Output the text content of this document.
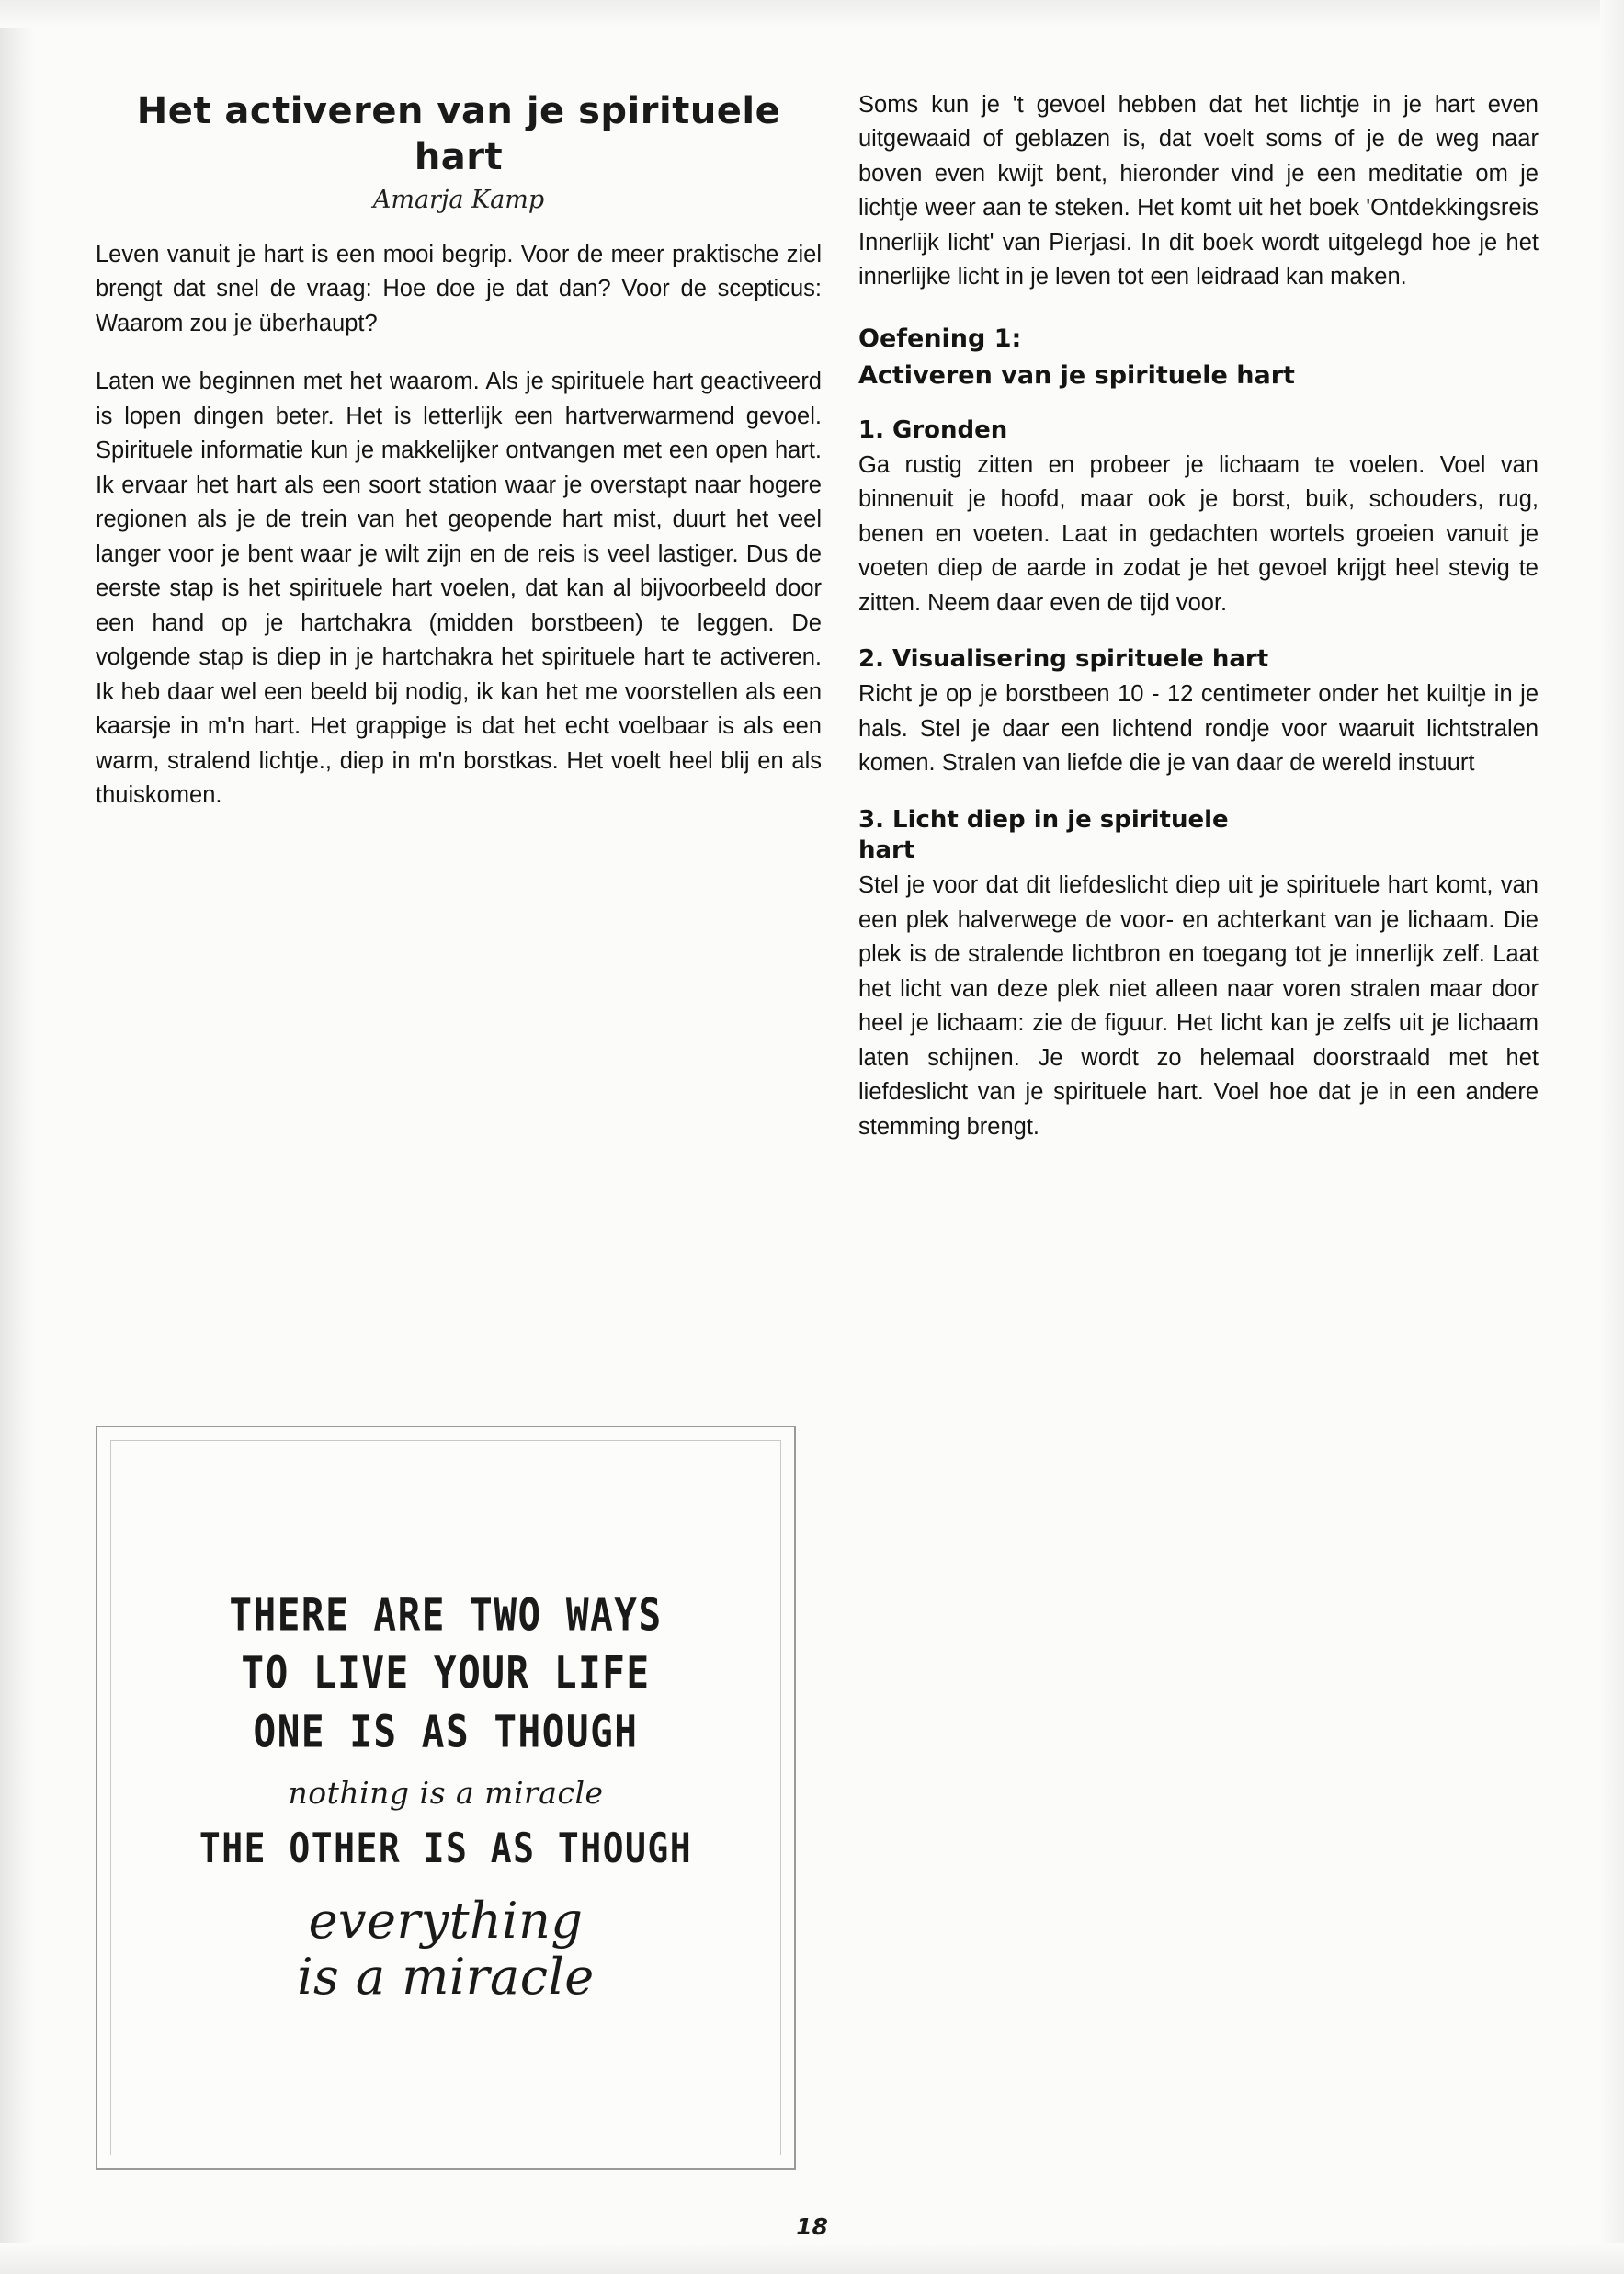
Het activeren van je spirituele hart
Amarja Kamp

Leven vanuit je hart is een mooi begrip. Voor de meer praktische ziel brengt dat snel de vraag: Hoe doe je dat dan? Voor de scepticus: Waarom zou je überhaupt?

Laten we beginnen met het waarom. Als je spirituele hart geactiveerd is lopen dingen beter. Het is letterlijk een hartverwarmend gevoel. Spirituele informatie kun je makkelijker ontvangen met een open hart. Ik ervaar het hart als een soort station waar je overstapt naar hogere regionen als je de trein van het geopende hart mist, duurt het veel langer voor je bent waar je wilt zijn en de reis is veel lastiger. Dus de eerste stap is het spirituele hart voelen, dat kan al bijvoorbeeld door een hand op je hartchakra (midden borstbeen) te leggen. De volgende stap is diep in je hartchakra het spirituele hart te activeren. Ik heb daar wel een beeld bij nodig, ik kan het me voorstellen als een kaarsje in m'n hart. Het grappige is dat het echt voelbaar is als een warm, stralend lichtje., diep in m'n borstkas. Het voelt heel blij en als thuiskomen.

THERE ARE TWO WAYS
TO LIVE YOUR LIFE
ONE IS AS THOUGH
nothing is a miracle
THE OTHER IS AS THOUGH
everything
is a miracle

Soms kun je 't gevoel hebben dat het lichtje in je hart even uitgewaaid of geblazen is, dat voelt soms of je de weg naar boven even kwijt bent, hieronder vind je een meditatie om je lichtje weer aan te steken. Het komt uit het boek 'Ontdekkingsreis Innerlijk licht' van Pierjasi. In dit boek wordt uitgelegd hoe je het innerlijke licht in je leven tot een leidraad kan maken.

Oefening 1:
Activeren van je spirituele hart
1. Gronden

Ga rustig zitten en probeer je lichaam te voelen. Voel van binnenuit je hoofd, maar ook je borst, buik, schouders, rug, benen en voeten. Laat in gedachten wortels groeien vanuit je voeten diep de aarde in zodat je het gevoel krijgt heel stevig te zitten. Neem daar even de tijd voor.

2. Visualisering spirituele hart

Richt je op je borstbeen 10 - 12 centimeter onder het kuiltje in je hals. Stel je daar een lichtend rondje voor waaruit lichtstralen komen. Stralen van liefde die je van daar de wereld instuurt

3. Licht diep in je spirituele hart

Stel je voor dat dit liefdeslicht diep uit je spirituele hart komt, van een plek halverwege de voor- en achterkant van je lichaam. Die plek is de stralende lichtbron en toegang tot je innerlijk zelf. Laat het licht van deze plek niet alleen naar voren stralen maar door heel je lichaam: zie de figuur. Het licht kan je zelfs uit je lichaam laten schijnen. Je wordt zo helemaal doorstraald met het liefdeslicht van je spirituele hart. Voel hoe dat je in een andere stemming brengt.

18
